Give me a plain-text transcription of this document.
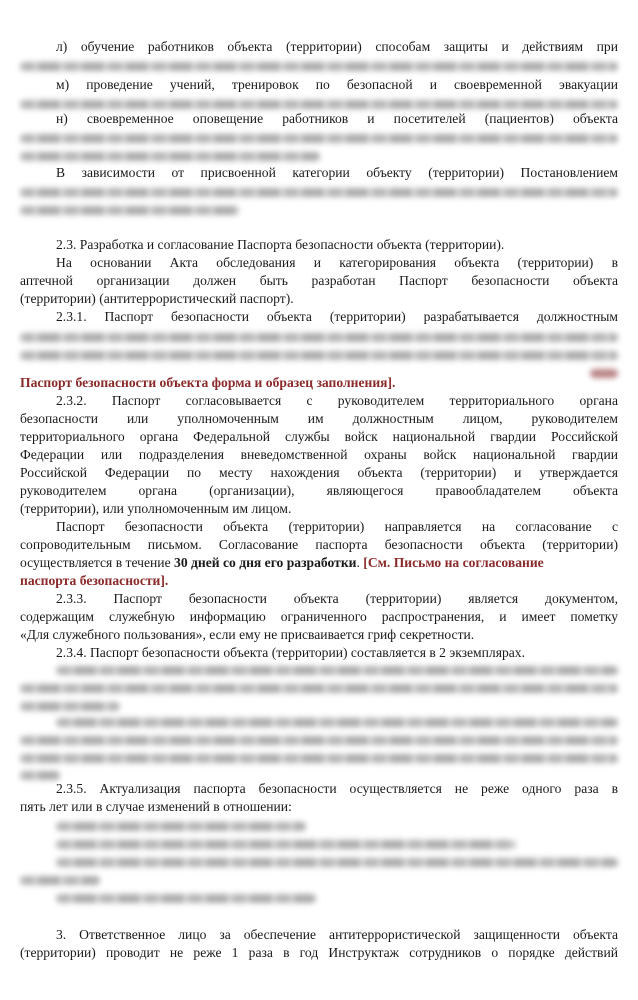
л) обучение работников объекта (территории) способам защиты и действиям при
м) проведение учений, тренировок по безопасной и своевременной эвакуации
н) своевременное оповещение работников и посетителей (пациентов) объекта
В зависимости от присвоенной категории объекту (территории) Постановлением
2.3. Разработка и согласование Паспорта безопасности объекта (территории).
На основании Акта обследования и категорирования объекта (территории) в
аптечной организации должен быть разработан Паспорт безопасности объекта
(территории) (антитеррористический паспорт).
2.3.1. Паспорт безопасности объекта (территории) разрабатывается должностным
Паспорт безопасности объекта форма и образец заполнения].
2.3.2. Паспорт согласовывается с руководителем территориального органа
безопасности или уполномоченным им должностным лицом, руководителем
территориального органа Федеральной службы войск национальной гвардии Российской
Федерации или подразделения вневедомственной охраны войск национальной гвардии
Российской Федерации по месту нахождения объекта (территории) и утверждается
руководителем органа (организации), являющегося правообладателем объекта
(территории), или уполномоченным им лицом.
Паспорт безопасности объекта (территории) направляется на согласование с
сопроводительным письмом. Согласование паспорта безопасности объекта (территории)
осуществляется в течение 30 дней со дня его разработки. [См. Письмо на согласование
паспорта безопасности].
2.3.3. Паспорт безопасности объекта (территории) является документом,
содержащим служебную информацию ограниченного распространения, и имеет пометку
«Для служебного пользования», если ему не присваивается гриф секретности.
2.3.4. Паспорт безопасности объекта (территории) составляется в 2 экземплярах.
2.3.5. Актуализация паспорта безопасности осуществляется не реже одного раза в
пять лет или в случае изменений в отношении:
3. Ответственное лицо за обеспечение антитеррористической защищенности объекта
(территории) проводит не реже 1 раза в год Инструктаж сотрудников о порядке действий
